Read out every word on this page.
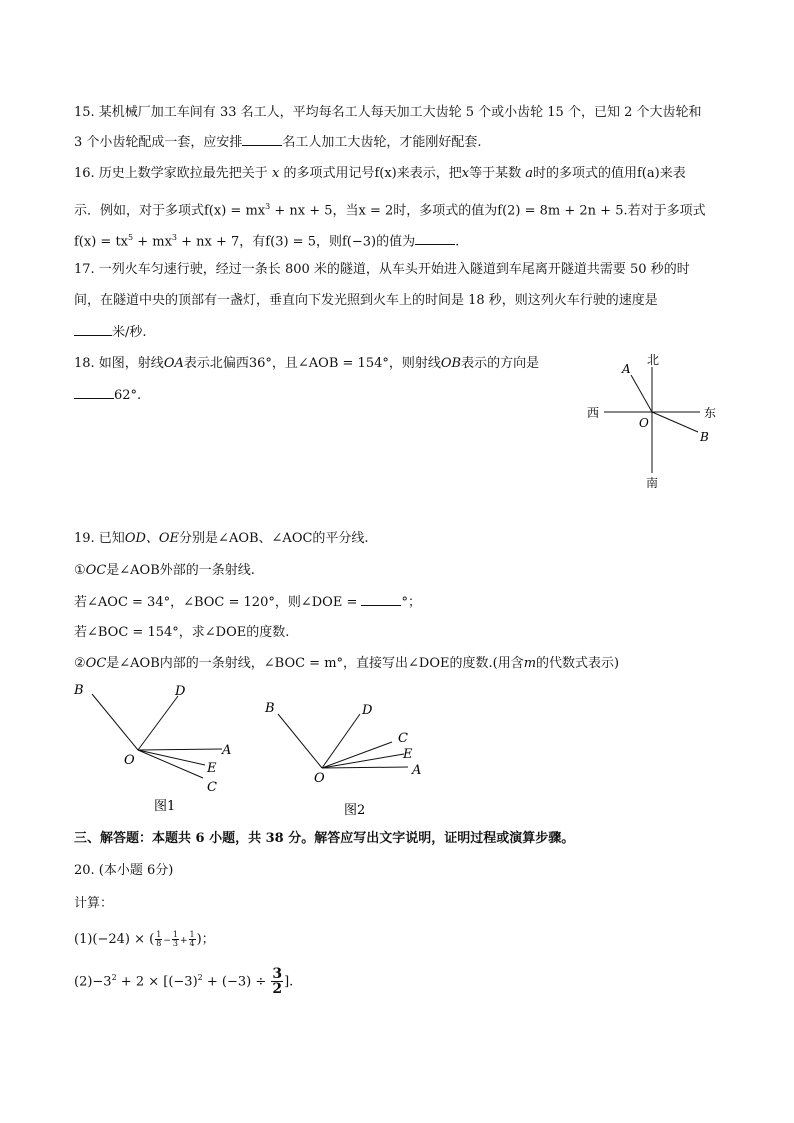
15. 某机械厂加工车间有 33 名工人，平均每名工人每天加工大齿轮 5 个或小齿轮 15 个，已知 2 个大齿轮和
3 个小齿轮配成一套，应安排	名工人加工大齿轮，才能刚好配套.
16. 历史上数学家欧拉最先把关于 x 的多项式用记号f(x)来表示，把x等于某数 a时的多项式的值用f(a)来表
示．例如，对于多项式$f(x) = mx^3$ + nx + 5，当x = 2时，多项式的值为f(2) = 8m + 2n + 5.若对于多项式
$f(x) = tx^5 + mx^3$ + nx + 7，有f(3) = 5，则f(−3)的值为	.
17. 一列火车匀速行驶，经过一条长 800 米的隧道，从车头开始进入隧道到车尾离开隧道共需要 50 秒的时
间，在隧道中央的顶部有一盏灯，垂直向下发光照到火车上的时间是 18 秒，则这列火车行驶的速度是
米/秒.
18. 如图，射线OA表示北偏西36°，且∠AOB = 154°，则射线OB表示的方向是
62°.
北
南
西	东
A
B
O
19. 已知OD、OE分别是∠AOB、∠AOC的平分线.
①OC是∠AOB外部的一条射线.
若∠AOC = 34°，∠BOC = 120°，则∠DOE =	°；
若∠BOC = 154°，求∠DOE的度数.
②OC是∠AOB内部的一条射线，∠BOC = m°，直接写出∠DOE的度数.(用含m的代数式表示)
B	D
A
E
C
O
图1
B	D
C
E
A
O
图2
三、解答题：本题共 6 小题，共 38 分。解答应写出文字说明，证明过程或演算步骤。
20. (本小题 6分)
计算：
(1)(−24) × ( $\frac{1}{8} - \frac{1}{3} + \frac{1}{4}$ )；
$(2)-3^2 + 2 \times [(-3)^2 + (-3) \div \frac{3}{2}$ ].
